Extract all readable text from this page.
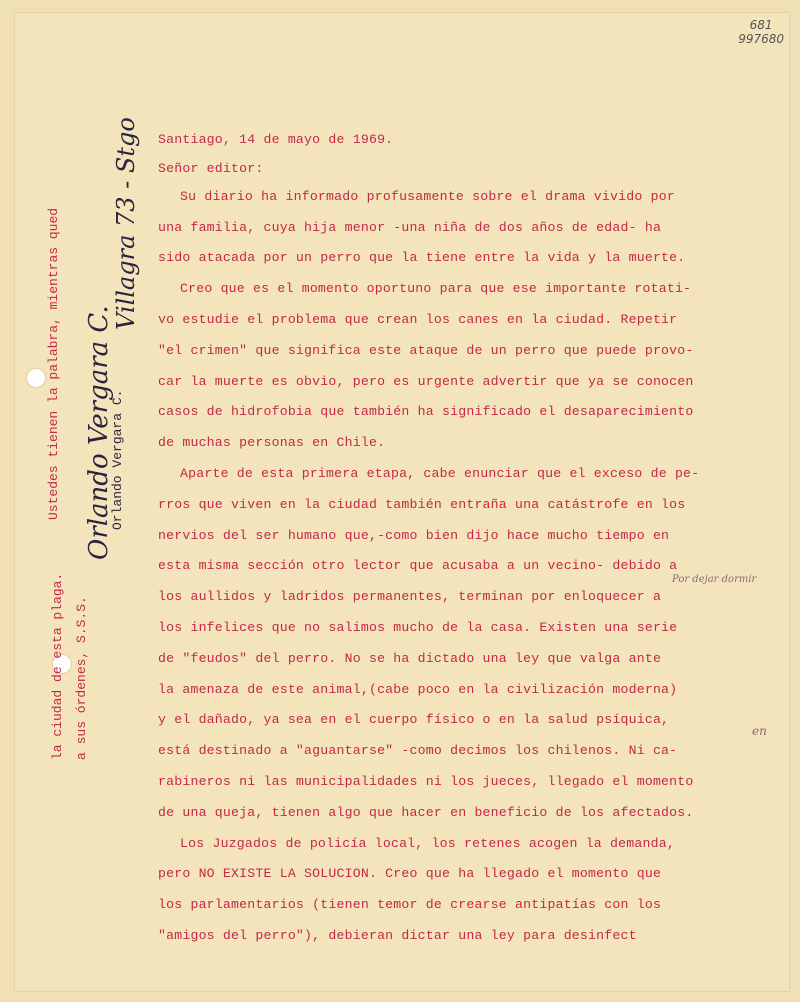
681
997680
Ustedes tienen la palabra, mientras qued
la ciudad de esta plaga. a sus órdenes, S.S.S.
Orlando Vergara C.
Orlando Vergara C.
Villagra 73 - Stgo Santiago, 14 de mayo de 1969.
Señor editor:
Su diario ha informado profusamente sobre el drama vivido por
una familia, cuya hija menor -una niña de dos años de edad- ha
sido atacada por un perro que la tiene entre la vida y la muerte.
Creo que es el momento oportuno para que ese importante rotati-
vo estudie el problema que crean los canes en la ciudad. Repetir
"el crimen" que significa este ataque de un perro que puede provo-
car la muerte es obvio, pero es urgente advertir que ya se conocen
casos de hidrofobia que también ha significado el desaparecimiento
de muchas personas en Chile.
Aparte de esta primera etapa, cabe enunciar que el exceso de pe-
rros que viven en la ciudad también entraña una catástrofe en los
nervios del ser humano que,-como bien dijo hace mucho tiempo en
esta misma sección otro lector que acusaba a un vecino- debido a
los aullidos y ladridos permanentes, terminan por enloquecer a
los infelices que no salimos mucho de la casa. Existen una serie
de "feudos" del perro. No se ha dictado una ley que valga ante
la amenaza de este animal,(cabe poco en la civilización moderna)
y el dañado, ya sea en el cuerpo físico o en la salud psíquica,
está destinado a "aguantarse" -como decimos los chilenos. Ni ca-
rabineros ni las municipalidades ni los jueces, llegado el momento
de una queja, tienen algo que hacer en beneficio de los afectados.
Los Juzgados de policía local, los retenes acogen la demanda,
pero NO EXISTE LA SOLUCION. Creo que ha llegado el momento que
los parlamentarios (tienen temor de crearse antipatías con los
"amigos del perro"), debieran dictar una ley para desinfect
Por dejar dormir
en
